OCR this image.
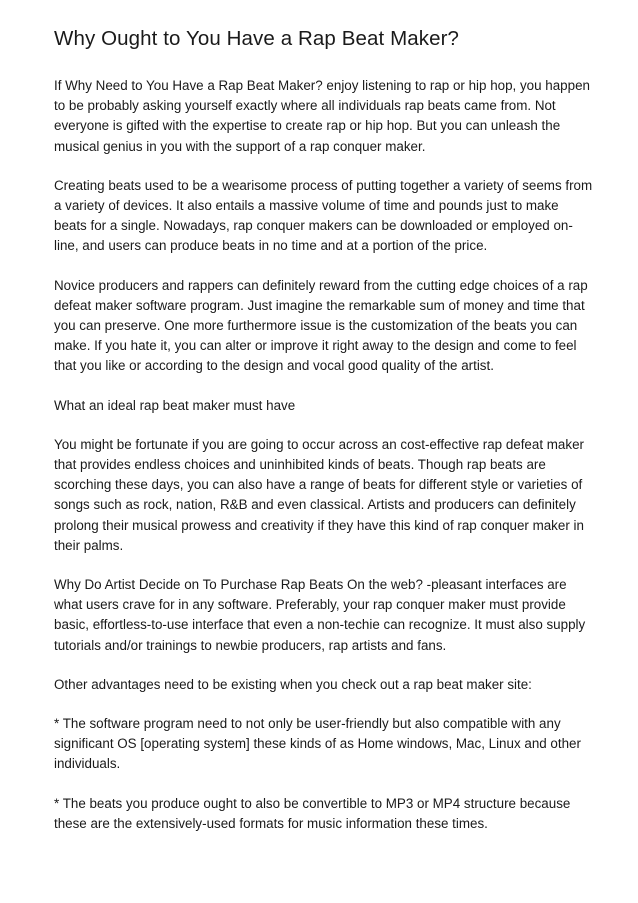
Why Ought to You Have a Rap Beat Maker?

If Why Need to You Have a Rap Beat Maker? enjoy listening to rap or hip hop, you happen to be probably asking yourself exactly where all individuals rap beats came from. Not everyone is gifted with the expertise to create rap or hip hop. But you can unleash the musical genius in you with the support of a rap conquer maker.

Creating beats used to be a wearisome process of putting together a variety of seems from a variety of devices. It also entails a massive volume of time and pounds just to make beats for a single. Nowadays, rap conquer makers can be downloaded or employed on-line, and users can produce beats in no time and at a portion of the price.

Novice producers and rappers can definitely reward from the cutting edge choices of a rap defeat maker software program. Just imagine the remarkable sum of money and time that you can preserve. One more furthermore issue is the customization of the beats you can make. If you hate it, you can alter or improve it right away to the design and come to feel that you like or according to the design and vocal good quality of the artist.

What an ideal rap beat maker must have

You might be fortunate if you are going to occur across an cost-effective rap defeat maker that provides endless choices and uninhibited kinds of beats. Though rap beats are scorching these days, you can also have a range of beats for different style or varieties of songs such as rock, nation, R&B and even classical. Artists and producers can definitely prolong their musical prowess and creativity if they have this kind of rap conquer maker in their palms.

Why Do Artist Decide on To Purchase Rap Beats On the web? -pleasant interfaces are what users crave for in any software. Preferably, your rap conquer maker must provide basic, effortless-to-use interface that even a non-techie can recognize. It must also supply tutorials and/or trainings to newbie producers, rap artists and fans.

Other advantages need to be existing when you check out a rap beat maker site:

* The software program need to not only be user-friendly but also compatible with any significant OS [operating system] these kinds of as Home windows, Mac, Linux and other individuals.

* The beats you produce ought to also be convertible to MP3 or MP4 structure because these are the extensively-used formats for music information these times.
